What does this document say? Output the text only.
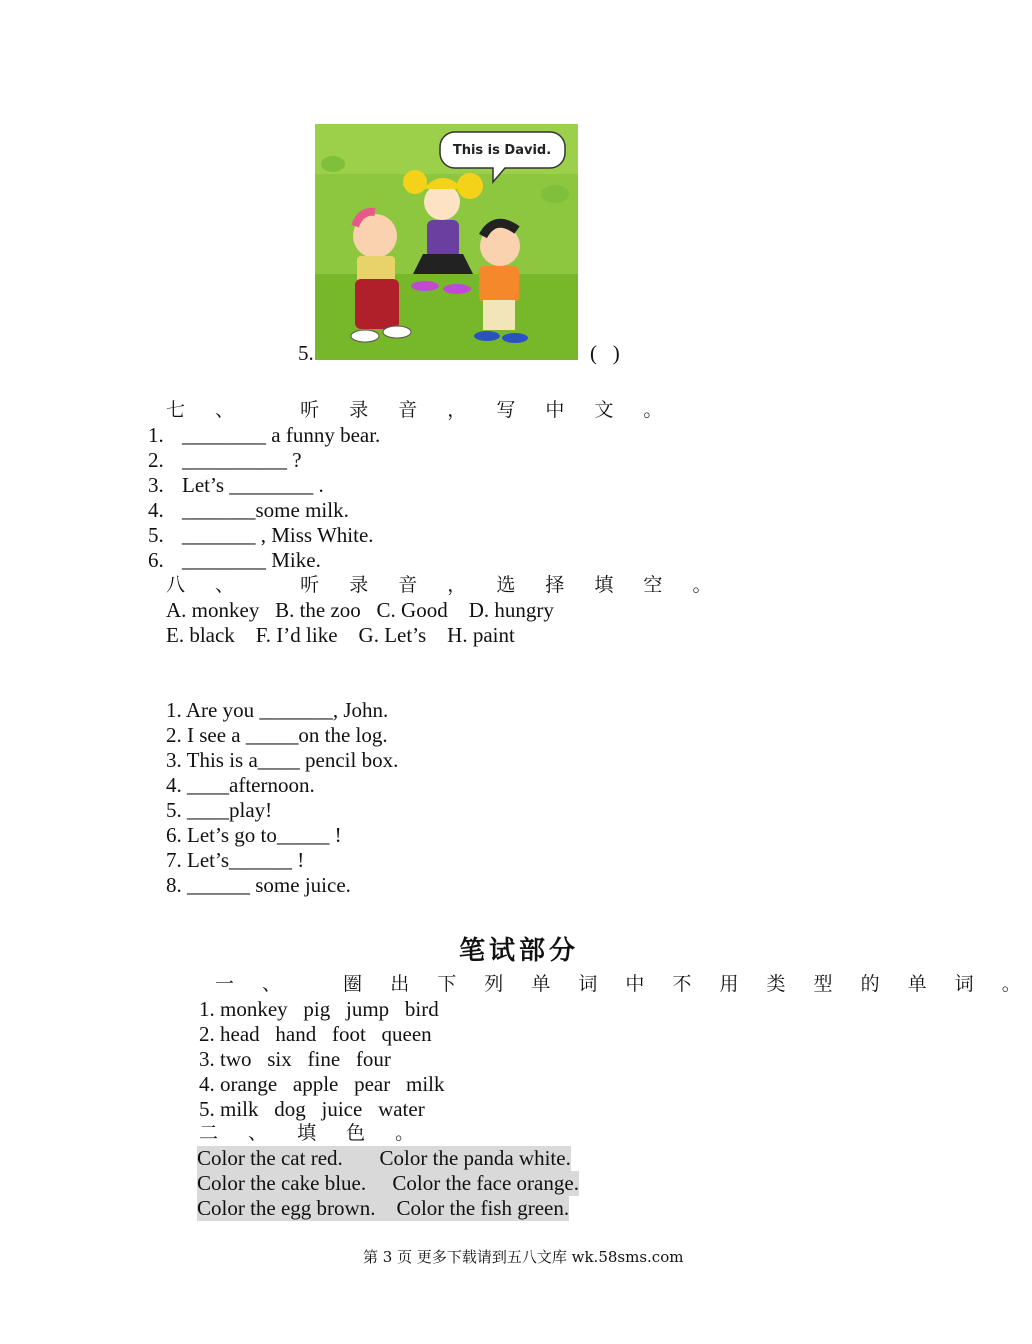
5.
This is David.
(   )
七 、   听 录 音 ， 写 中 文 。
1. ________ a funny bear.
2. __________ ?
3. Let’s ________ .
4. _______some milk.
5. _______ , Miss White.
6. ________ Mike.
八 、   听 录 音 ， 选 择 填 空 。
A. monkey   B. the zoo   C. Good    D. hungry
E. black    F. I’d like    G. Let’s    H. paint
1. Are you _______, John.
2. I see a _____on the log.
3. This is a____ pencil box.
4. ____afternoon.
5. ____play!
6. Let’s go to_____ !
7. Let’s______ !
8. ______ some juice.
笔试部分
一 、   圈 出 下 列 单 词 中 不 用 类 型 的 单 词 。
1. monkey   pig   jump   bird
2. head   hand   foot   queen
3. two   six   fine   four
4. orange   apple   pear   milk
5. milk   dog   juice   water
二 、 填 色 。
Color the cat red.       Color the panda white.
Color the cake blue.     Color the face orange.
Color the egg brown.    Color the fish green.
第 3 页 更多下载请到五八文库 wk.58sms.com
